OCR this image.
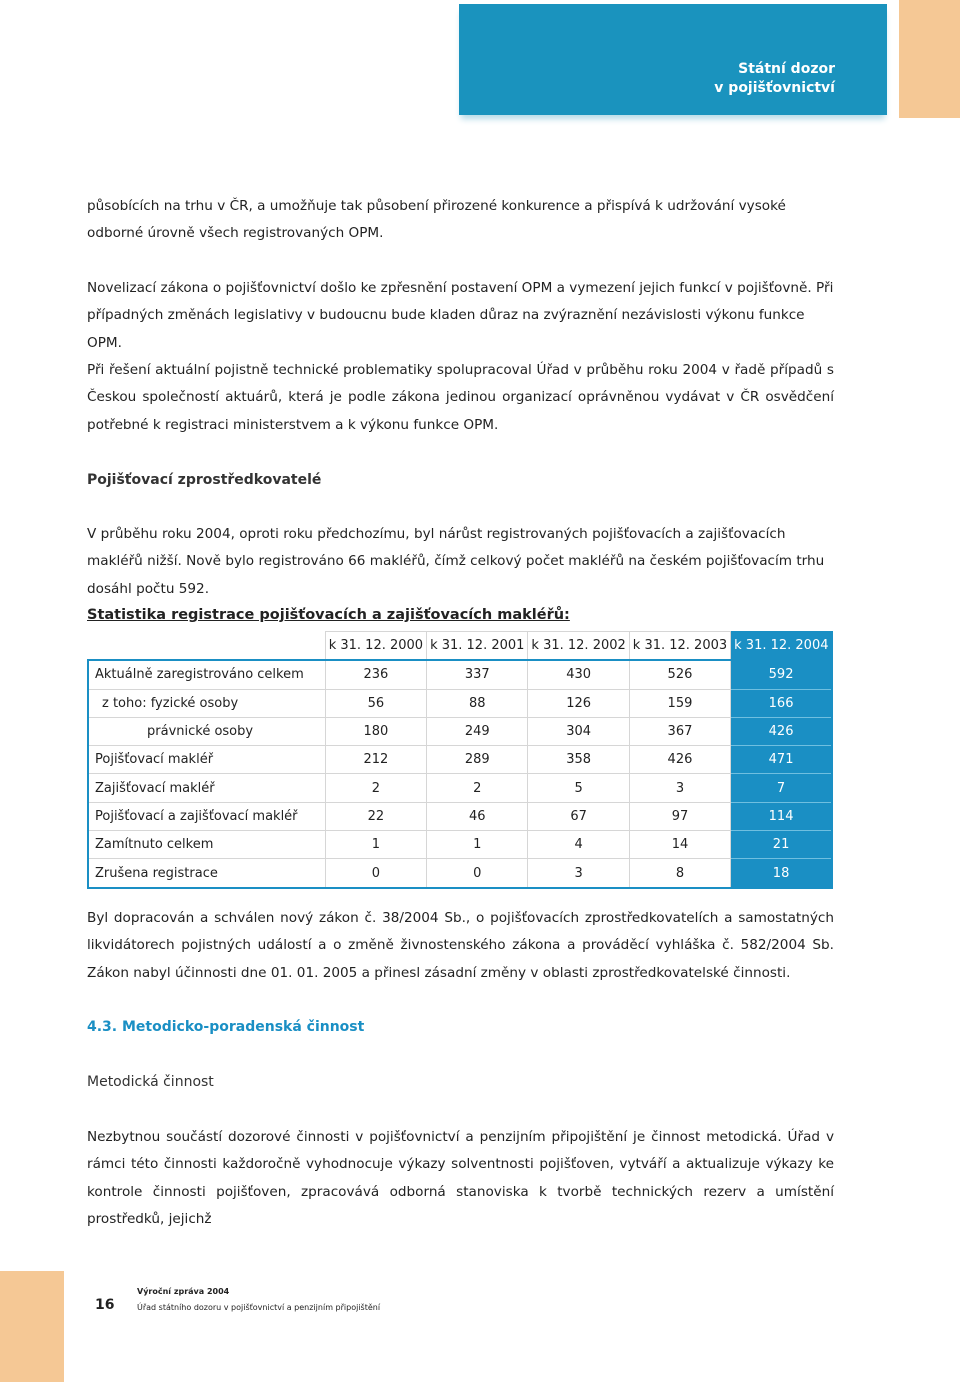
Státní dozor
v pojišťovnictví

působících na trhu v ČR, a umožňuje tak působení přirozené konkurence a přispívá k udržování vysoké odborné úrovně všech registrovaných OPM.

Novelizací zákona o pojišťovnictví došlo ke zpřesnění postavení OPM a vymezení jejich funkcí v pojišťovně. Při případných změnách legislativy v budoucnu bude kladen důraz na zvýraznění nezávislosti výkonu funkce OPM.

Při řešení aktuální pojistně technické problematiky spolupracoval Úřad v průběhu roku 2004 v řadě případů s Českou společností aktuárů, která je podle zákona jedinou organizací oprávněnou vydávat v ČR osvědčení potřebné k registraci ministerstvem a k výkonu funkce OPM.

Pojišťovací zprostředkovatelé

V průběhu roku 2004, oproti roku předchozímu, byl nárůst registrovaných pojišťovacích a zajišťovacích makléřů nižší. Nově bylo registrováno 66 makléřů, čímž celkový počet makléřů na českém pojišťovacím trhu dosáhl počtu 592.

Statistika registrace pojišťovacích a zajišťovacích makléřů:
	k 31. 12. 2000	k 31. 12. 2001	k 31. 12. 2002	k 31. 12. 2003	k 31. 12. 2004
Aktuálně zaregistrováno celkem	236	337	430	526	592
z toho: fyzické osoby	56	88	126	159	166
právnické osoby	180	249	304	367	426
Pojišťovací makléř	212	289	358	426	471
Zajišťovací makléř	2	2	5	3	7
Pojišťovací a zajišťovací makléř	22	46	67	97	114
Zamítnuto celkem	1	1	4	14	21
Zrušena registrace	0	0	3	8	18

Byl dopracován a schválen nový zákon č. 38/2004 Sb., o pojišťovacích zprostředkovatelích a samostatných likvidátorech pojistných událostí a o změně živnostenského zákona a prováděcí vyhláška č. 582/2004 Sb. Zákon nabyl účinnosti dne 01. 01. 2005 a přinesl zásadní změny v oblasti zprostředkovatelské činnosti.

4.3. Metodicko-poradenská činnost
Metodická činnost

Nezbytnou součástí dozorové činnosti v pojišťovnictví a penzijním připojištění je činnost metodická. Úřad v rámci této činnosti každoročně vyhodnocuje výkazy solventnosti pojišťoven, vytváří a aktualizuje výkazy ke kontrole činnosti pojišťoven, zpracovává odborná stanoviska k tvorbě technických rezerv a umístění prostředků, jejichž

16
Výroční zpráva 2004
Úřad státního dozoru v pojišťovnictví a penzijním připojištění
